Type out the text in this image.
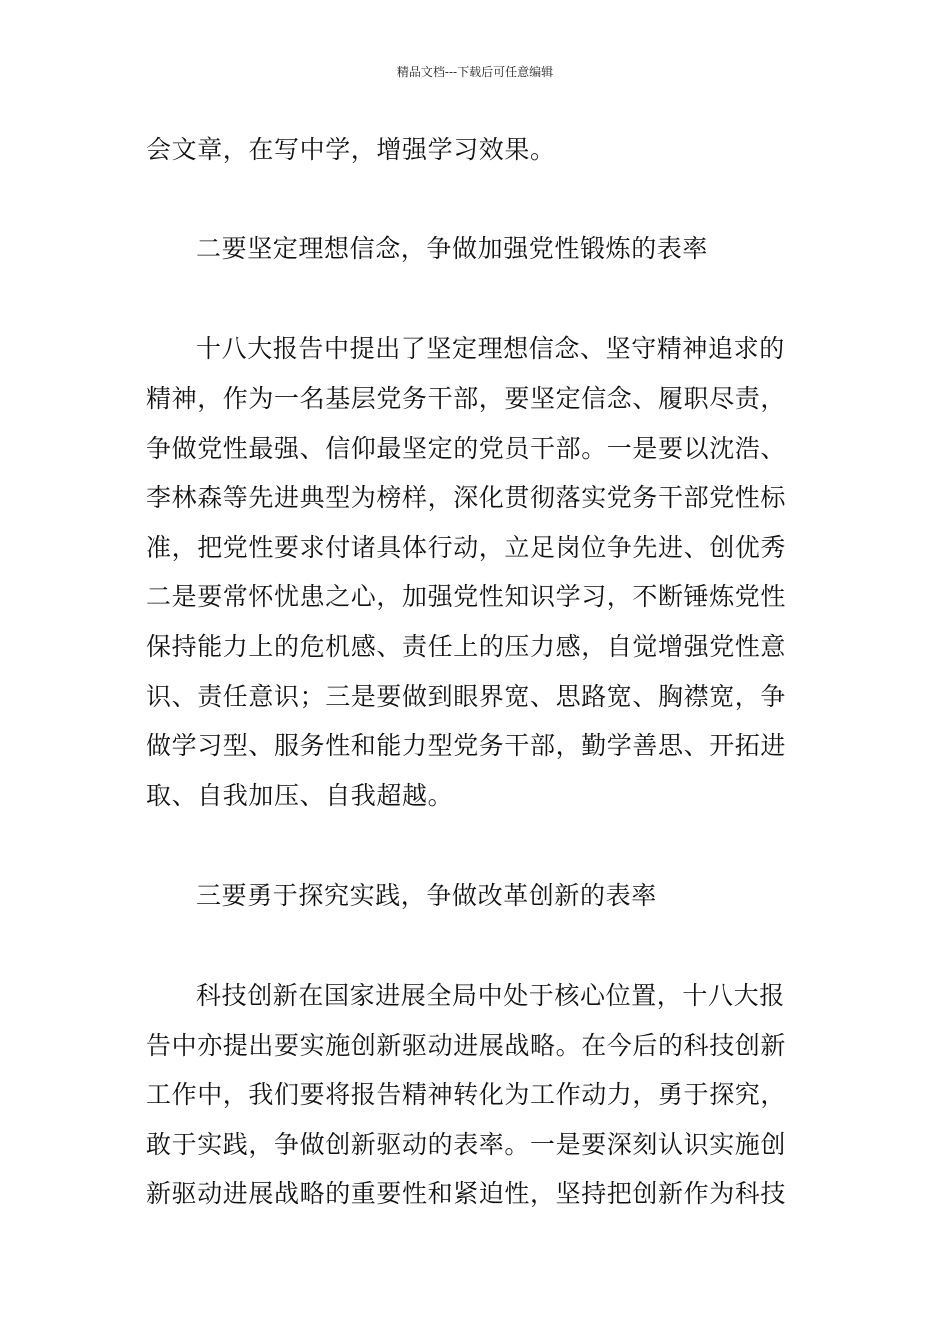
精品文档---下载后可任意编辑
会文章，在写中学，增强学习效果。
二要坚定理想信念，争做加强党性锻炼的表率
十八大报告中提出了坚定理想信念、坚守精神追求的
精神，作为一名基层党务干部，要坚定信念、履职尽责，
争做党性最强、信仰最坚定的党员干部。一是要以沈浩、
李林森等先进典型为榜样，深化贯彻落实党务干部党性标
准，把党性要求付诸具体行动，立足岗位争先进、创优秀
二是要常怀忧患之心，加强党性知识学习，不断锤炼党性
保持能力上的危机感、责任上的压力感，自觉增强党性意
识、责任意识；三是要做到眼界宽、思路宽、胸襟宽，争
做学习型、服务性和能力型党务干部，勤学善思、开拓进
取、自我加压、自我超越。
三要勇于探究实践，争做改革创新的表率
科技创新在国家进展全局中处于核心位置，十八大报
告中亦提出要实施创新驱动进展战略。在今后的科技创新
工作中，我们要将报告精神转化为工作动力，勇于探究，
敢于实践，争做创新驱动的表率。一是要深刻认识实施创
新驱动进展战略的重要性和紧迫性，坚持把创新作为科技
